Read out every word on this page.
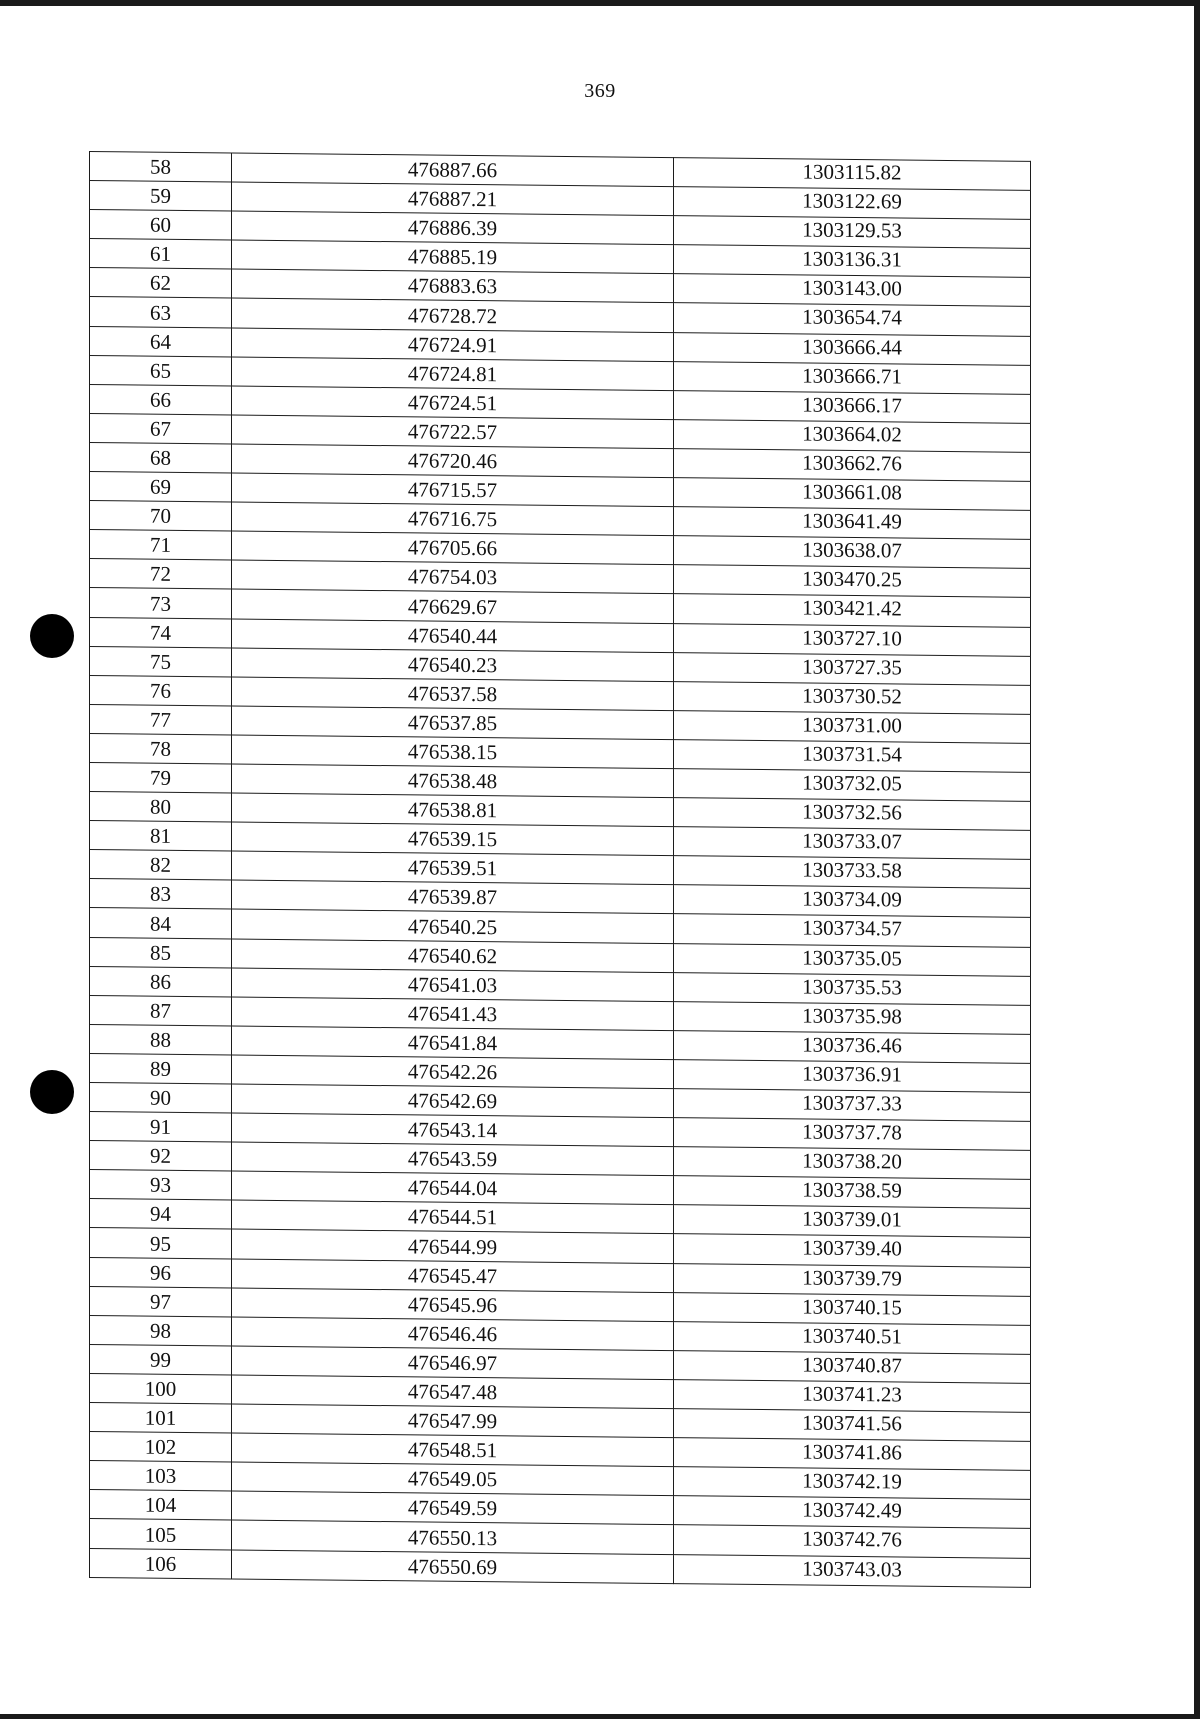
369
58	476887.66	1303115.82
59	476887.21	1303122.69
60	476886.39	1303129.53
61	476885.19	1303136.31
62	476883.63	1303143.00
63	476728.72	1303654.74
64	476724.91	1303666.44
65	476724.81	1303666.71
66	476724.51	1303666.17
67	476722.57	1303664.02
68	476720.46	1303662.76
69	476715.57	1303661.08
70	476716.75	1303641.49
71	476705.66	1303638.07
72	476754.03	1303470.25
73	476629.67	1303421.42
74	476540.44	1303727.10
75	476540.23	1303727.35
76	476537.58	1303730.52
77	476537.85	1303731.00
78	476538.15	1303731.54
79	476538.48	1303732.05
80	476538.81	1303732.56
81	476539.15	1303733.07
82	476539.51	1303733.58
83	476539.87	1303734.09
84	476540.25	1303734.57
85	476540.62	1303735.05
86	476541.03	1303735.53
87	476541.43	1303735.98
88	476541.84	1303736.46
89	476542.26	1303736.91
90	476542.69	1303737.33
91	476543.14	1303737.78
92	476543.59	1303738.20
93	476544.04	1303738.59
94	476544.51	1303739.01
95	476544.99	1303739.40
96	476545.47	1303739.79
97	476545.96	1303740.15
98	476546.46	1303740.51
99	476546.97	1303740.87
100	476547.48	1303741.23
101	476547.99	1303741.56
102	476548.51	1303741.86
103	476549.05	1303742.19
104	476549.59	1303742.49
105	476550.13	1303742.76
106	476550.69	1303743.03
